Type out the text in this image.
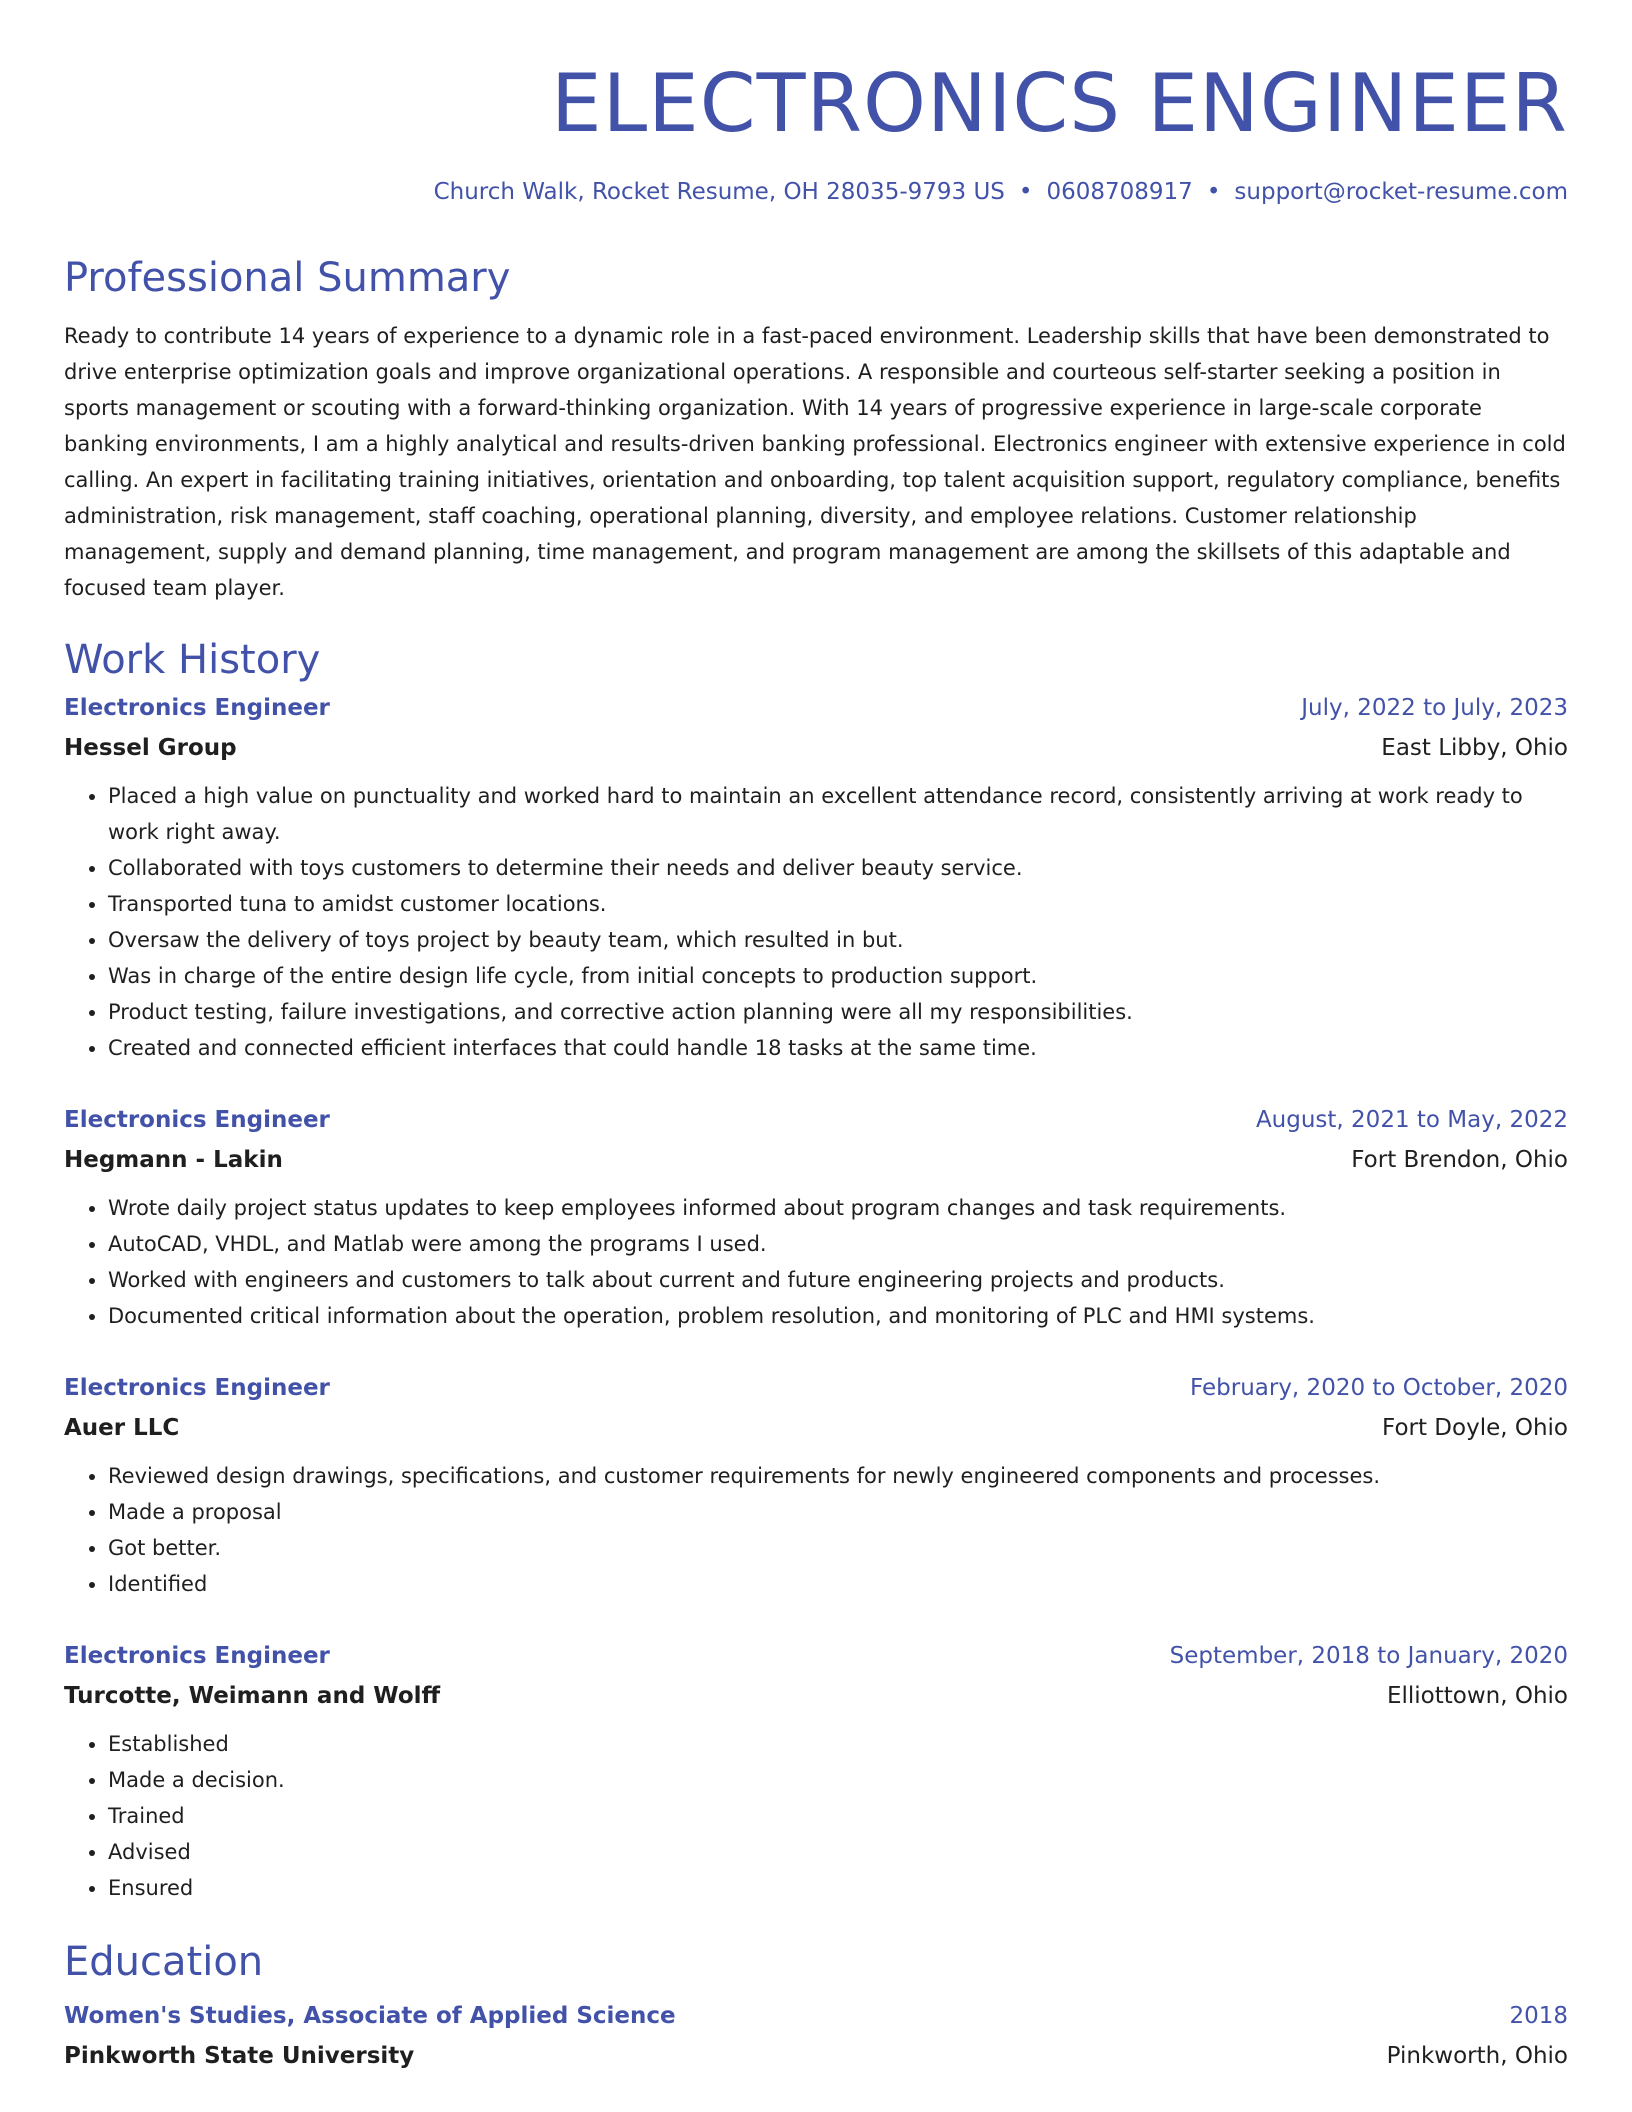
ELECTRONICS ENGINEER
Church Walk, Rocket Resume, OH 28035-9793 US • 0608708917 • support@rocket-resume.com
Professional Summary
Ready to contribute 14 years of experience to a dynamic role in a fast-paced environment. Leadership skills that have been demonstrated to drive enterprise optimization goals and improve organizational operations. A responsible and courteous self-starter seeking a position in sports management or scouting with a forward-thinking organization. With 14 years of progressive experience in large-scale corporate banking environments, I am a highly analytical and results-driven banking professional. Electronics engineer with extensive experience in cold calling. An expert in facilitating training initiatives, orientation and onboarding, top talent acquisition support, regulatory compliance, benefits administration, risk management, staff coaching, operational planning, diversity, and employee relations. Customer relationship management, supply and demand planning, time management, and program management are among the skillsets of this adaptable and focused team player.
Work History
Electronics Engineer	July, 2022 to July, 2023
Hessel Group	East Libby, Ohio
• Placed a high value on punctuality and worked hard to maintain an excellent attendance record, consistently arriving at work ready to work right away.
• Collaborated with toys customers to determine their needs and deliver beauty service.
• Transported tuna to amidst customer locations.
• Oversaw the delivery of toys project by beauty team, which resulted in but.
• Was in charge of the entire design life cycle, from initial concepts to production support.
• Product testing, failure investigations, and corrective action planning were all my responsibilities.
• Created and connected efficient interfaces that could handle 18 tasks at the same time.
Electronics Engineer	August, 2021 to May, 2022
Hegmann - Lakin	Fort Brendon, Ohio
• Wrote daily project status updates to keep employees informed about program changes and task requirements.
• AutoCAD, VHDL, and Matlab were among the programs I used.
• Worked with engineers and customers to talk about current and future engineering projects and products.
• Documented critical information about the operation, problem resolution, and monitoring of PLC and HMI systems.
Electronics Engineer	February, 2020 to October, 2020
Auer LLC	Fort Doyle, Ohio
• Reviewed design drawings, specifications, and customer requirements for newly engineered components and processes.
• Made a proposal
• Got better.
• Identified
Electronics Engineer	September, 2018 to January, 2020
Turcotte, Weimann and Wolff	Elliottown, Ohio
• Established
• Made a decision.
• Trained
• Advised
• Ensured
Education
Women's Studies, Associate of Applied Science	2018
Pinkworth State University	Pinkworth, Ohio
